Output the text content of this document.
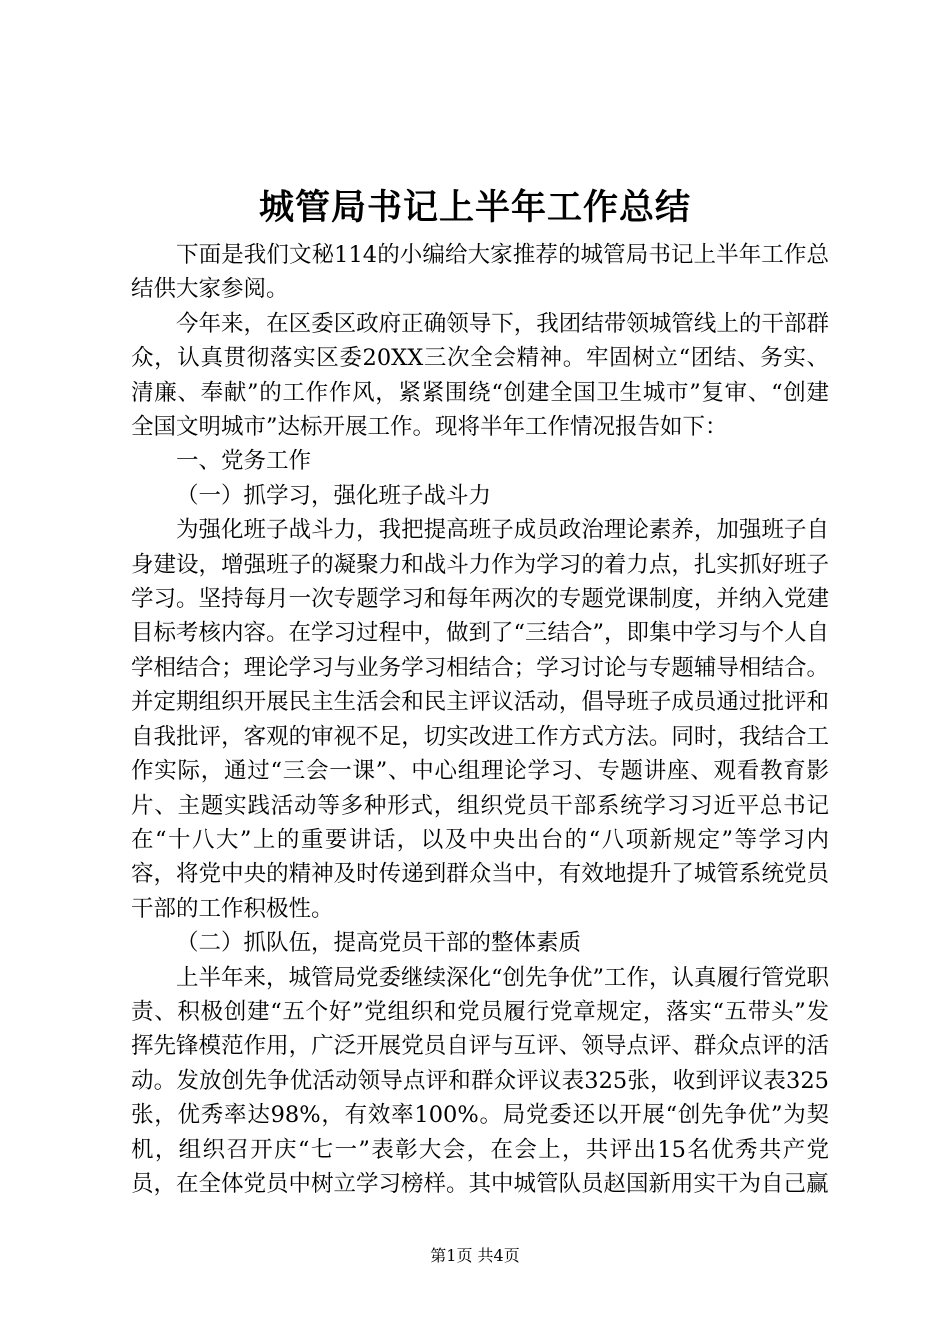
城管局书记上半年工作总结

下面是我们文秘114的小编给大家推荐的城管局书记上半年工作总结供大家参阅。

今年来，在区委区政府正确领导下，我团结带领城管线上的干部群众，认真贯彻落实区委20XX三次全会精神。牢固树立“团结、务实、清廉、奉献”的工作作风，紧紧围绕“创建全国卫生城市”复审、“创建全国文明城市”达标开展工作。现将半年工作情况报告如下：

一、党务工作

（一）抓学习，强化班子战斗力

为强化班子战斗力，我把提高班子成员政治理论素养，加强班子自身建设，增强班子的凝聚力和战斗力作为学习的着力点，扎实抓好班子学习。坚持每月一次专题学习和每年两次的专题党课制度，并纳入党建目标考核内容。在学习过程中，做到了“三结合”，即集中学习与个人自学相结合；理论学习与业务学习相结合；学习讨论与专题辅导相结合。并定期组织开展民主生活会和民主评议活动，倡导班子成员通过批评和自我批评，客观的审视不足，切实改进工作方式方法。同时，我结合工作实际，通过“三会一课”、中心组理论学习、专题讲座、观看教育影片、主题实践活动等多种形式，组织党员干部系统学习习近平总书记在“十八大”上的重要讲话，以及中央出台的“八项新规定”等学习内容，将党中央的精神及时传递到群众当中，有效地提升了城管系统党员干部的工作积极性。

（二）抓队伍，提高党员干部的整体素质

上半年来，城管局党委继续深化“创先争优”工作，认真履行管党职责、积极创建“五个好”党组织和党员履行党章规定，落实“五带头”发挥先锋模范作用，广泛开展党员自评与互评、领导点评、群众点评的活动。发放创先争优活动领导点评和群众评议表325张，收到评议表325张，优秀率达98%，有效率100%。局党委还以开展“创先争优”为契机，组织召开庆“七一”表彰大会，在会上，共评出15名优秀共产党员，在全体党员中树立学习榜样。其中城管队员赵国新用实干为自己赢

第1页 共4页
